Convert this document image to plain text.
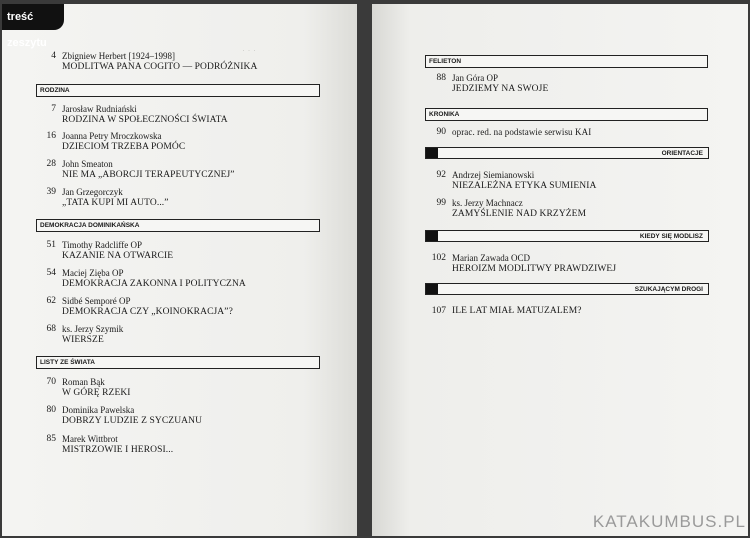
· · ·
treść zeszytu
4 Zbigniew Herbert [1924–1998]
MODLITWA PANA COGITO — PODRÓŻNIKA
RODZINA
7 Jarosław Rudniański
RODZINA W SPOŁECZNOŚCI ŚWIATA
16 Joanna Petry Mroczkowska
DZIECIOM TRZEBA POMÓC
28 John Smeaton
NIE MA „ABORCJI TERAPEUTYCZNEJ”
39 Jan Grzegorczyk
„TATA KUPI MI AUTO...”
DEMOKRACJA DOMINIKAŃSKA
51 Timothy Radcliffe OP
KAZANIE NA OTWARCIE
54 Maciej Zięba OP
DEMOKRACJA ZAKONNA I POLITYCZNA
62 Sidbé Semporé OP
DEMOKRACJA CZY „KOINOKRACJA”?
68 ks. Jerzy Szymik
WIERSZE
LISTY ZE ŚWIATA
70 Roman Bąk
W GÓRĘ RZEKI
80 Dominika Pawelska
DOBRZY LUDZIE Z SYCZUANU
85 Marek Wittbrot
MISTRZOWIE I HEROSI...
FELIETON
88 Jan Góra OP
JEDZIEMY NA SWOJE
KRONIKA
90 oprac. red. na podstawie serwisu KAI
ORIENTACJE
92 Andrzej Siemianowski
NIEZALEŻNA ETYKA SUMIENIA
99 ks. Jerzy Machnacz
ZAMYŚLENIE NAD KRZYŻEM
KIEDY SIĘ MODLISZ
102 Marian Zawada OCD
HEROIZM MODLITWY PRAWDZIWEJ
SZUKAJĄCYM DROGI
107 ILE LAT MIAŁ MATUZALEM?
KATAKUMBUS.PL
